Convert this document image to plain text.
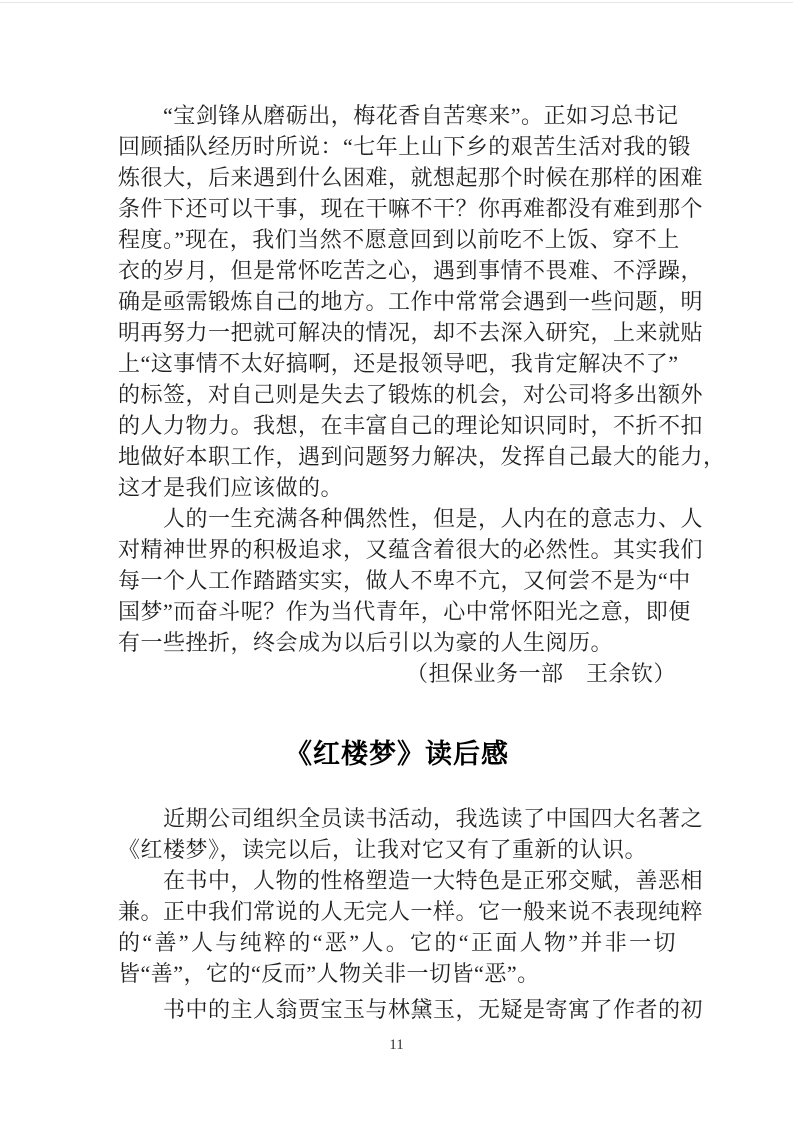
　　“宝剑锋从磨砺出，梅花香自苦寒来”。正如习总书记
回顾插队经历时所说：“七年上山下乡的艰苦生活对我的锻
炼很大，后来遇到什么困难，就想起那个时候在那样的困难
条件下还可以干事，现在干嘛不干？你再难都没有难到那个
程度。”现在，我们当然不愿意回到以前吃不上饭、穿不上
衣的岁月，但是常怀吃苦之心，遇到事情不畏难、不浮躁，
确是亟需锻炼自己的地方。工作中常常会遇到一些问题，明
明再努力一把就可解决的情况，却不去深入研究，上来就贴
上“这事情不太好搞啊，还是报领导吧，我肯定解决不了”
的标签，对自己则是失去了锻炼的机会，对公司将多出额外
的人力物力。我想，在丰富自己的理论知识同时，不折不扣
地做好本职工作，遇到问题努力解决，发挥自己最大的能力，
这才是我们应该做的。
　　人的一生充满各种偶然性，但是，人内在的意志力、人
对精神世界的积极追求，又蕴含着很大的必然性。其实我们
每一个人工作踏踏实实，做人不卑不亢，又何尝不是为“中
国梦”而奋斗呢？作为当代青年，心中常怀阳光之意，即便
有一些挫折，终会成为以后引以为豪的人生阅历。
（担保业务一部　王余钦）
《红楼梦》读后感
　　近期公司组织全员读书活动，我选读了中国四大名著之
《红楼梦》，读完以后，让我对它又有了重新的认识。
　　在书中，人物的性格塑造一大特色是正邪交赋，善恶相
兼。正中我们常说的人无完人一样。它一般来说不表现纯粹
的“善”人与纯粹的“恶”人。它的“正面人物”并非一切
皆“善”，它的“反而”人物关非一切皆“恶”。
　　书中的主人翁贾宝玉与林黛玉，无疑是寄寓了作者的初
11
